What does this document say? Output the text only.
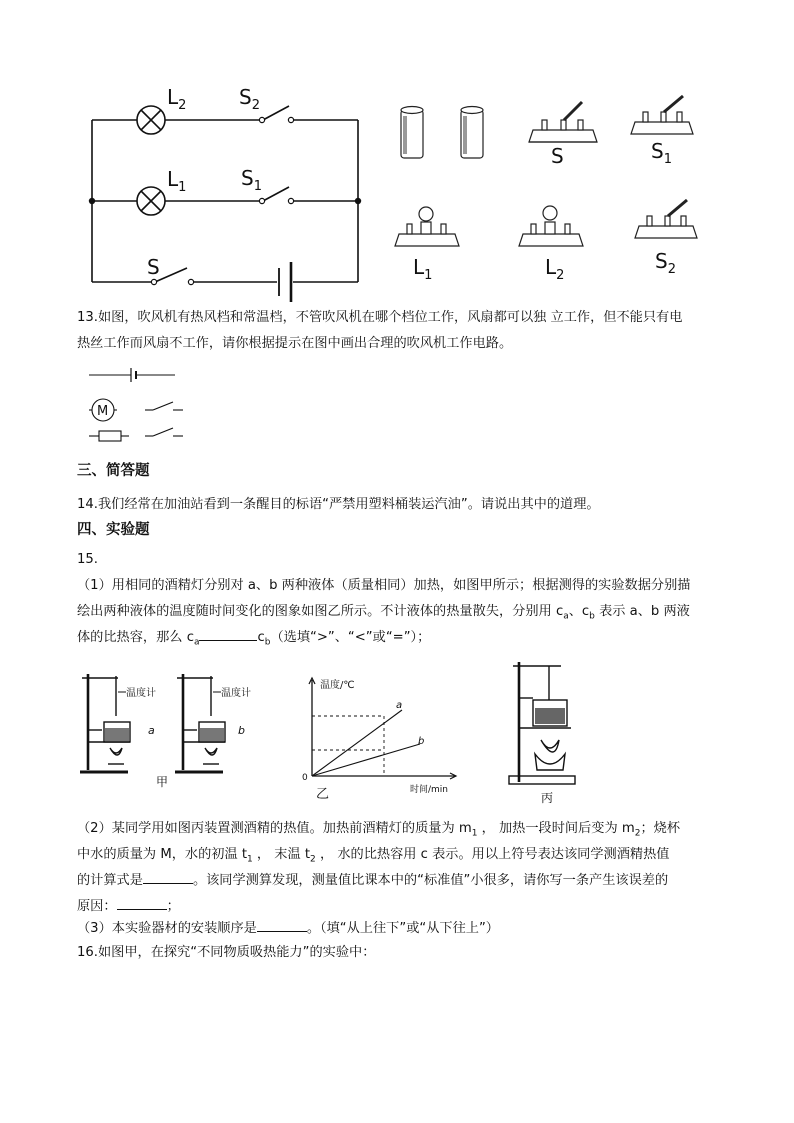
$L_2$	$S_2$
$L_1$	$S_1$
S
S	$S_1$
$L_1$	$L_2$
$S_2$
13.如图，吹风机有热风档和常温档，不管吹风机在哪个档位工作，风扇都可以独 立工作，但不能只有电
热丝工作而风扇不工作，请你根据提示在图中画出合理的吹风机工作电路。
M
三、简答题
14.我们经常在加油站看到一条醒目的标语“严禁用塑料桶装运汽油”。请说出其中的道理。
四、实验题
15.
（1）用相同的酒精灯分别对 a、b 两种液体（质量相同）加热，如图甲所示；根据测得的实验数据分别描
绘出两种液体的温度随时间变化的图象如图乙所示。不计液体的热量散失，分别用 $c_a$、$c_b$ 表示 a、b 两液
体的比热容，那么 $c_a$	$c_b$（选填“>”、“<”或“=”）；
温度计	温度计
a	b
甲
温度/℃
时间/min
0
a
b
乙	丙
（2）某同学用如图丙装置测酒精的热值。加热前酒精灯的质量为 $m_1$ ， 加热一段时间后变为 $m_2$；烧杯
中水的质量为 M，水的初温 $t_1$ ， 末温 $t_2$ ， 水的比热容用 c 表示。用以上符号表达该同学测酒精热值
的计算式是	。该同学测算发现，测量值比课本中的“标准值”小很多，请你写一条产生该误差的
原因：	；
（3）本实验器材的安装顺序是	。（填“从上往下”或“从下往上”）
16.如图甲，在探究“不同物质吸热能力”的实验中：
